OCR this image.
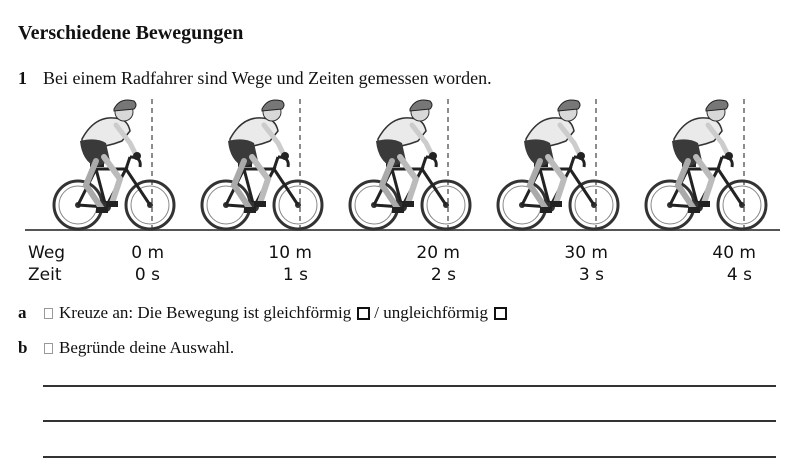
Verschiedene Bewegungen
1 Bei einem Radfahrer sind Wege und Zeiten gemessen worden.
0 m
0 s
10 m
1 s
20 m
2 s
30 m
3 s
40 m
4 s
Weg
Zeit
a	Kreuze an: Die Bewegung ist gleichförmig / ungleichförmig
b	Begründe deine Auswahl.
